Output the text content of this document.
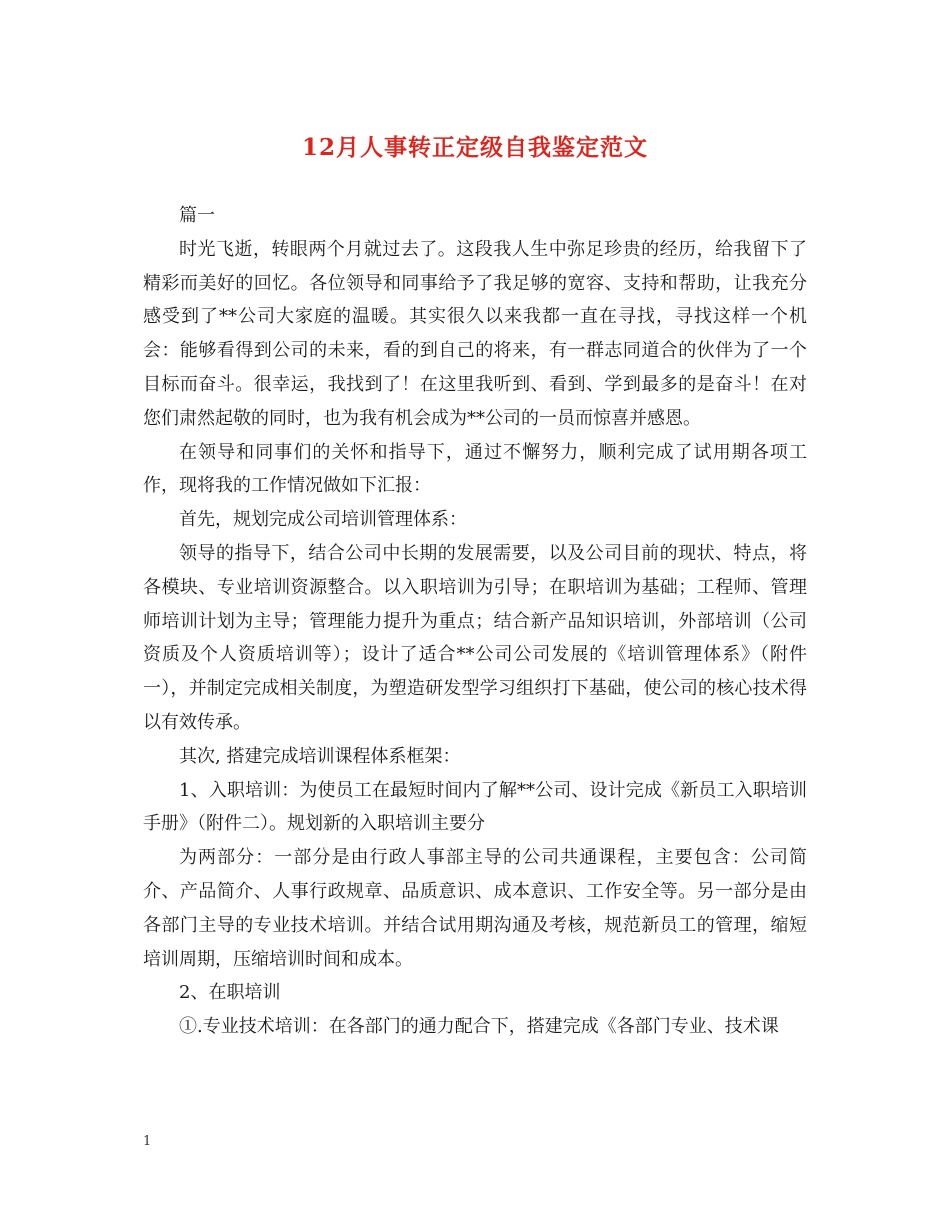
12月人事转正定级自我鉴定范文

篇一

时光飞逝，转眼两个月就过去了。这段我人生中弥足珍贵的经历，给我留下了精彩而美好的回忆。各位领导和同事给予了我足够的宽容、支持和帮助，让我充分感受到了**公司大家庭的温暖。其实很久以来我都一直在寻找，寻找这样一个机会：能够看得到公司的未来，看的到自己的将来，有一群志同道合的伙伴为了一个目标而奋斗。很幸运，我找到了！在这里我听到、看到、学到最多的是奋斗！在对您们肃然起敬的同时，也为我有机会成为**公司的一员而惊喜并感恩。

在领导和同事们的关怀和指导下，通过不懈努力，顺利完成了试用期各项工作，现将我的工作情况做如下汇报：

首先，规划完成公司培训管理体系：

领导的指导下，结合公司中长期的发展需要，以及公司目前的现状、特点，将各模块、专业培训资源整合。以入职培训为引导；在职培训为基础；工程师、管理师培训计划为主导；管理能力提升为重点；结合新产品知识培训，外部培训（公司资质及个人资质培训等）；设计了适合**公司公司发展的《培训管理体系》（附件一），并制定完成相关制度，为塑造研发型学习组织打下基础，使公司的核心技术得以有效传承。

其次, 搭建完成培训课程体系框架：

1、入职培训：为使员工在最短时间内了解**公司、设计完成《新员工入职培训手册》（附件二）。规划新的入职培训主要分

为两部分：一部分是由行政人事部主导的公司共通课程，主要包含：公司简介、产品简介、人事行政规章、品质意识、成本意识、工作安全等。另一部分是由各部门主导的专业技术培训。并结合试用期沟通及考核，规范新员工的管理，缩短培训周期，压缩培训时间和成本。

2、在职培训

①.专业技术培训：在各部门的通力配合下，搭建完成《各部门专业、技术课

1
